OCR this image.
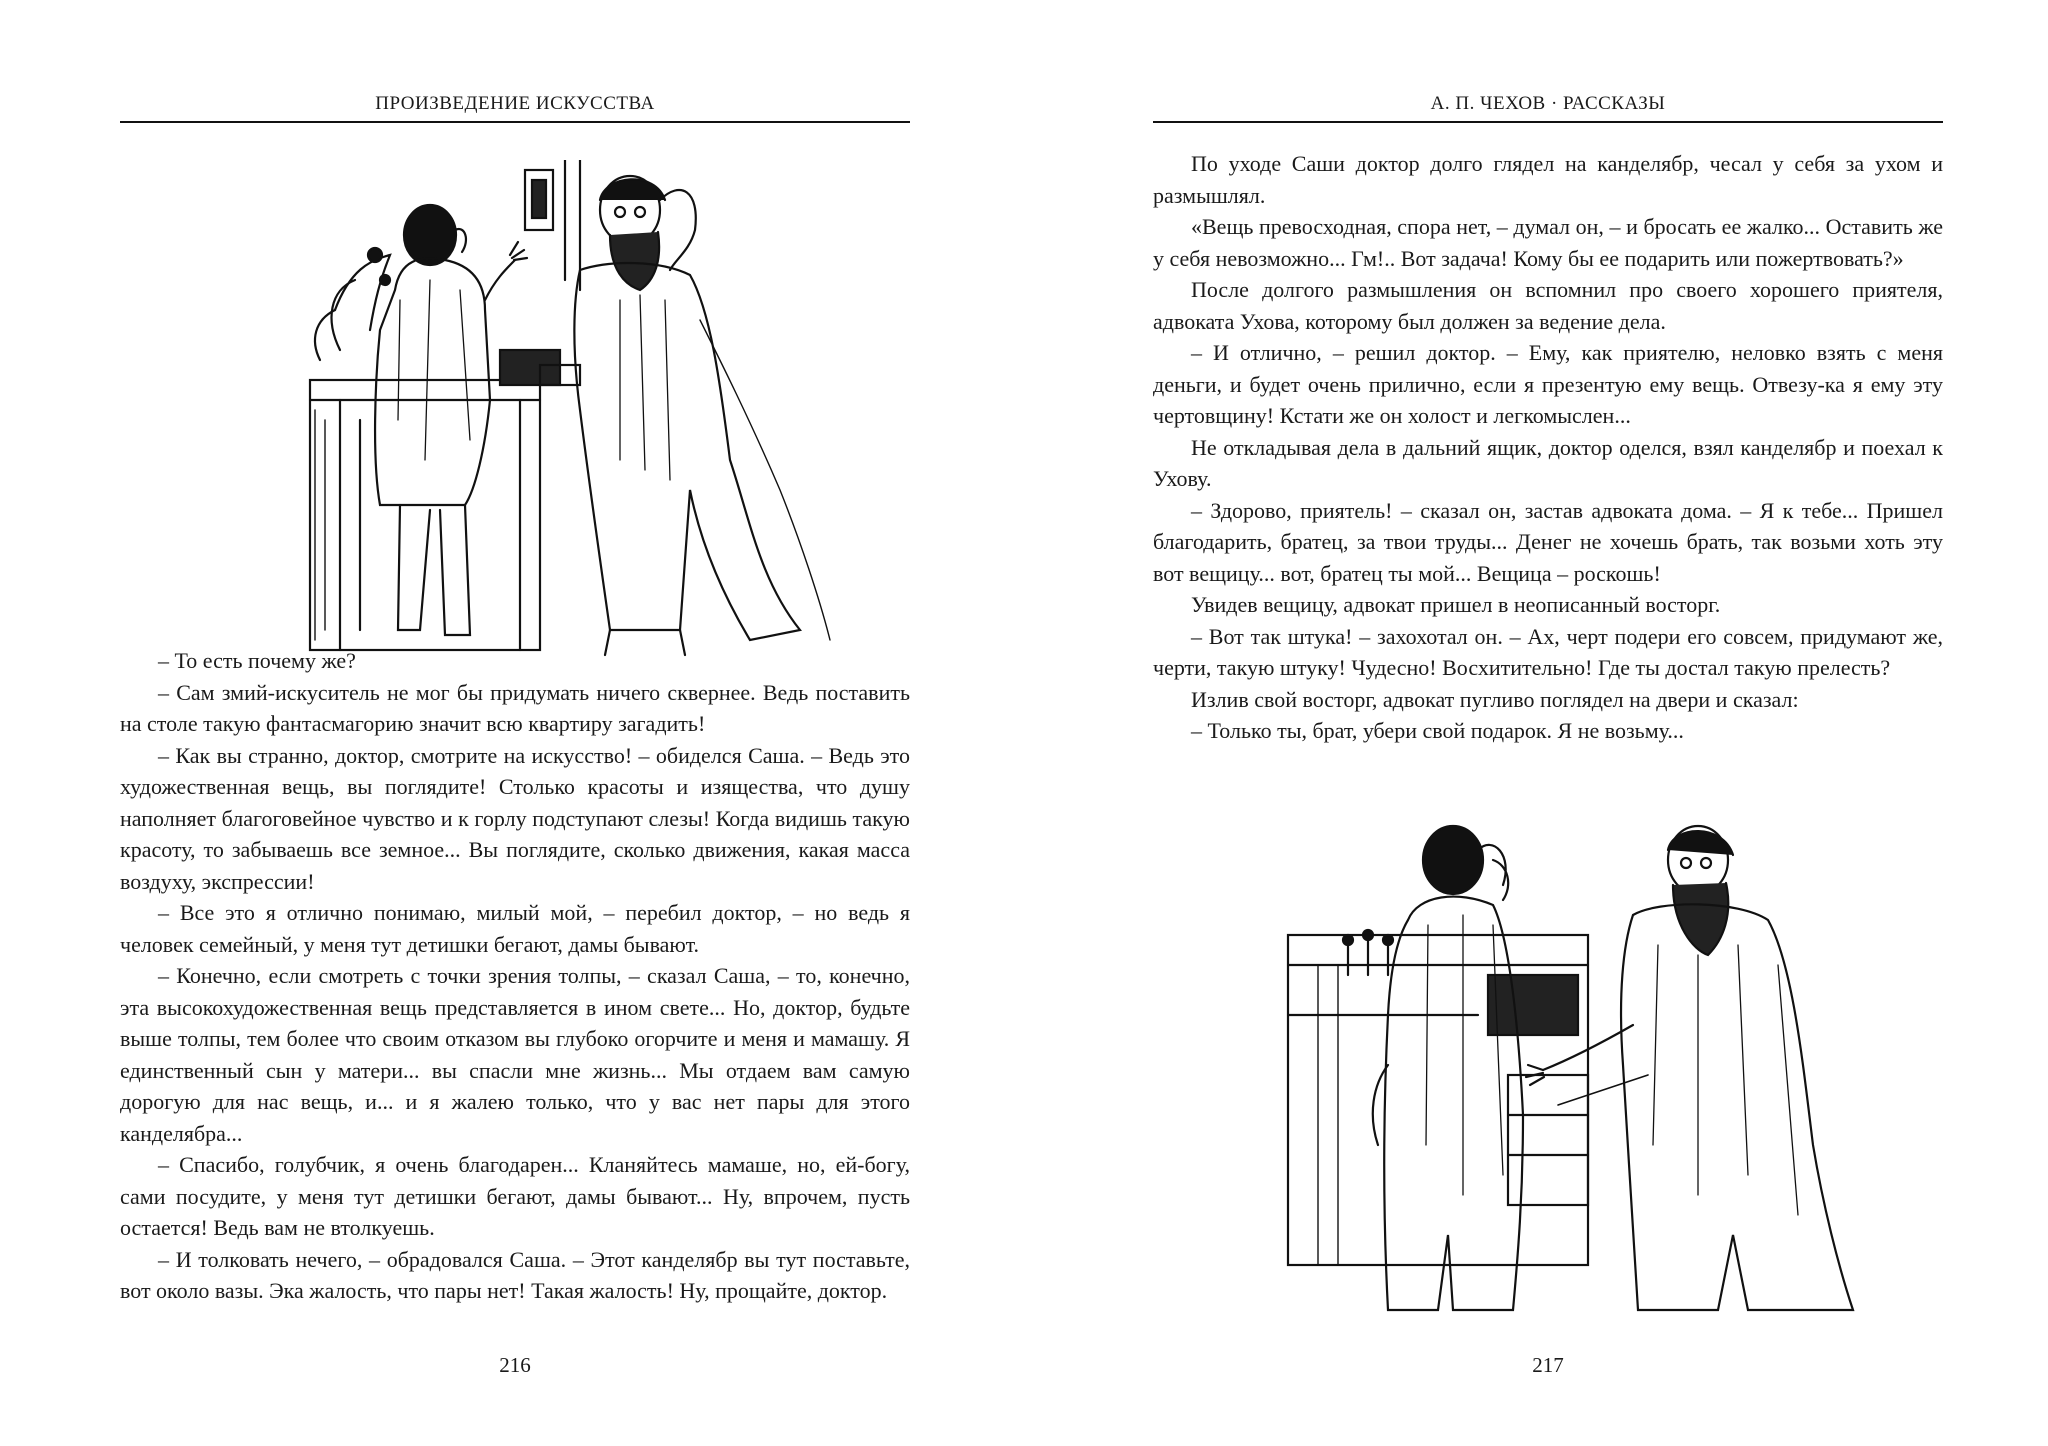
ПРОИЗВЕДЕНИЕ ИСКУССТВА

– То есть почему же?

– Сам змий-искуситель не мог бы придумать ничего сквернее. Ведь поставить на столе такую фантасмагорию значит всю квартиру загадить!

– Как вы странно, доктор, смотрите на искусство! – обиделся Саша. – Ведь это художественная вещь, вы поглядите! Столько красоты и изящества, что душу наполняет благоговейное чувство и к горлу подступают слезы! Когда видишь такую красоту, то забываешь все земное... Вы поглядите, сколько движения, какая масса воздуху, экспрессии!

– Все это я отлично понимаю, милый мой, – перебил доктор, – но ведь я человек семейный, у меня тут детишки бегают, дамы бывают.

– Конечно, если смотреть с точки зрения толпы, – сказал Саша, – то, конечно, эта высокохудожественная вещь представляется в ином свете... Но, доктор, будьте выше толпы, тем более что своим отказом вы глубоко огорчите и меня и мамашу. Я единственный сын у матери... вы спасли мне жизнь... Мы отдаем вам самую дорогую для нас вещь, и... и я жалею только, что у вас нет пары для этого канделябра...

– Спасибо, голубчик, я очень благодарен... Кланяйтесь мамаше, но, ей-богу, сами посудите, у меня тут детишки бегают, дамы бывают... Ну, впрочем, пусть остается! Ведь вам не втолкуешь.

– И толковать нечего, – обрадовался Саша. – Этот канделябр вы тут поставьте, вот около вазы. Эка жалость, что пары нет! Такая жалость! Ну, прощайте, доктор.

216
А. П. ЧЕХОВ · РАССКАЗЫ

По уходе Саши доктор долго глядел на канделябр, чесал у себя за ухом и размышлял.

«Вещь превосходная, спора нет, – думал он, – и бросать ее жалко... Оставить же у себя невозможно... Гм!.. Вот задача! Кому бы ее подарить или пожертвовать?»

После долгого размышления он вспомнил про своего хорошего приятеля, адвоката Ухова, которому был должен за ведение дела.

– И отлично, – решил доктор. – Ему, как приятелю, неловко взять с меня деньги, и будет очень прилично, если я презентую ему вещь. Отвезу-ка я ему эту чертовщину! Кстати же он холост и легкомыслен...

Не откладывая дела в дальний ящик, доктор оделся, взял канделябр и поехал к Ухову.

– Здорово, приятель! – сказал он, застав адвоката дома. – Я к тебе... Пришел благодарить, братец, за твои труды... Денег не хочешь брать, так возьми хоть эту вот вещицу... вот, братец ты мой... Вещица – роскошь!

Увидев вещицу, адвокат пришел в неописанный восторг.

– Вот так штука! – захохотал он. – Ах, черт подери его совсем, придумают же, черти, такую штуку! Чудесно! Восхитительно! Где ты достал такую прелесть?

Излив свой восторг, адвокат пугливо поглядел на двери и сказал:

– Только ты, брат, убери свой подарок. Я не возьму...

217
